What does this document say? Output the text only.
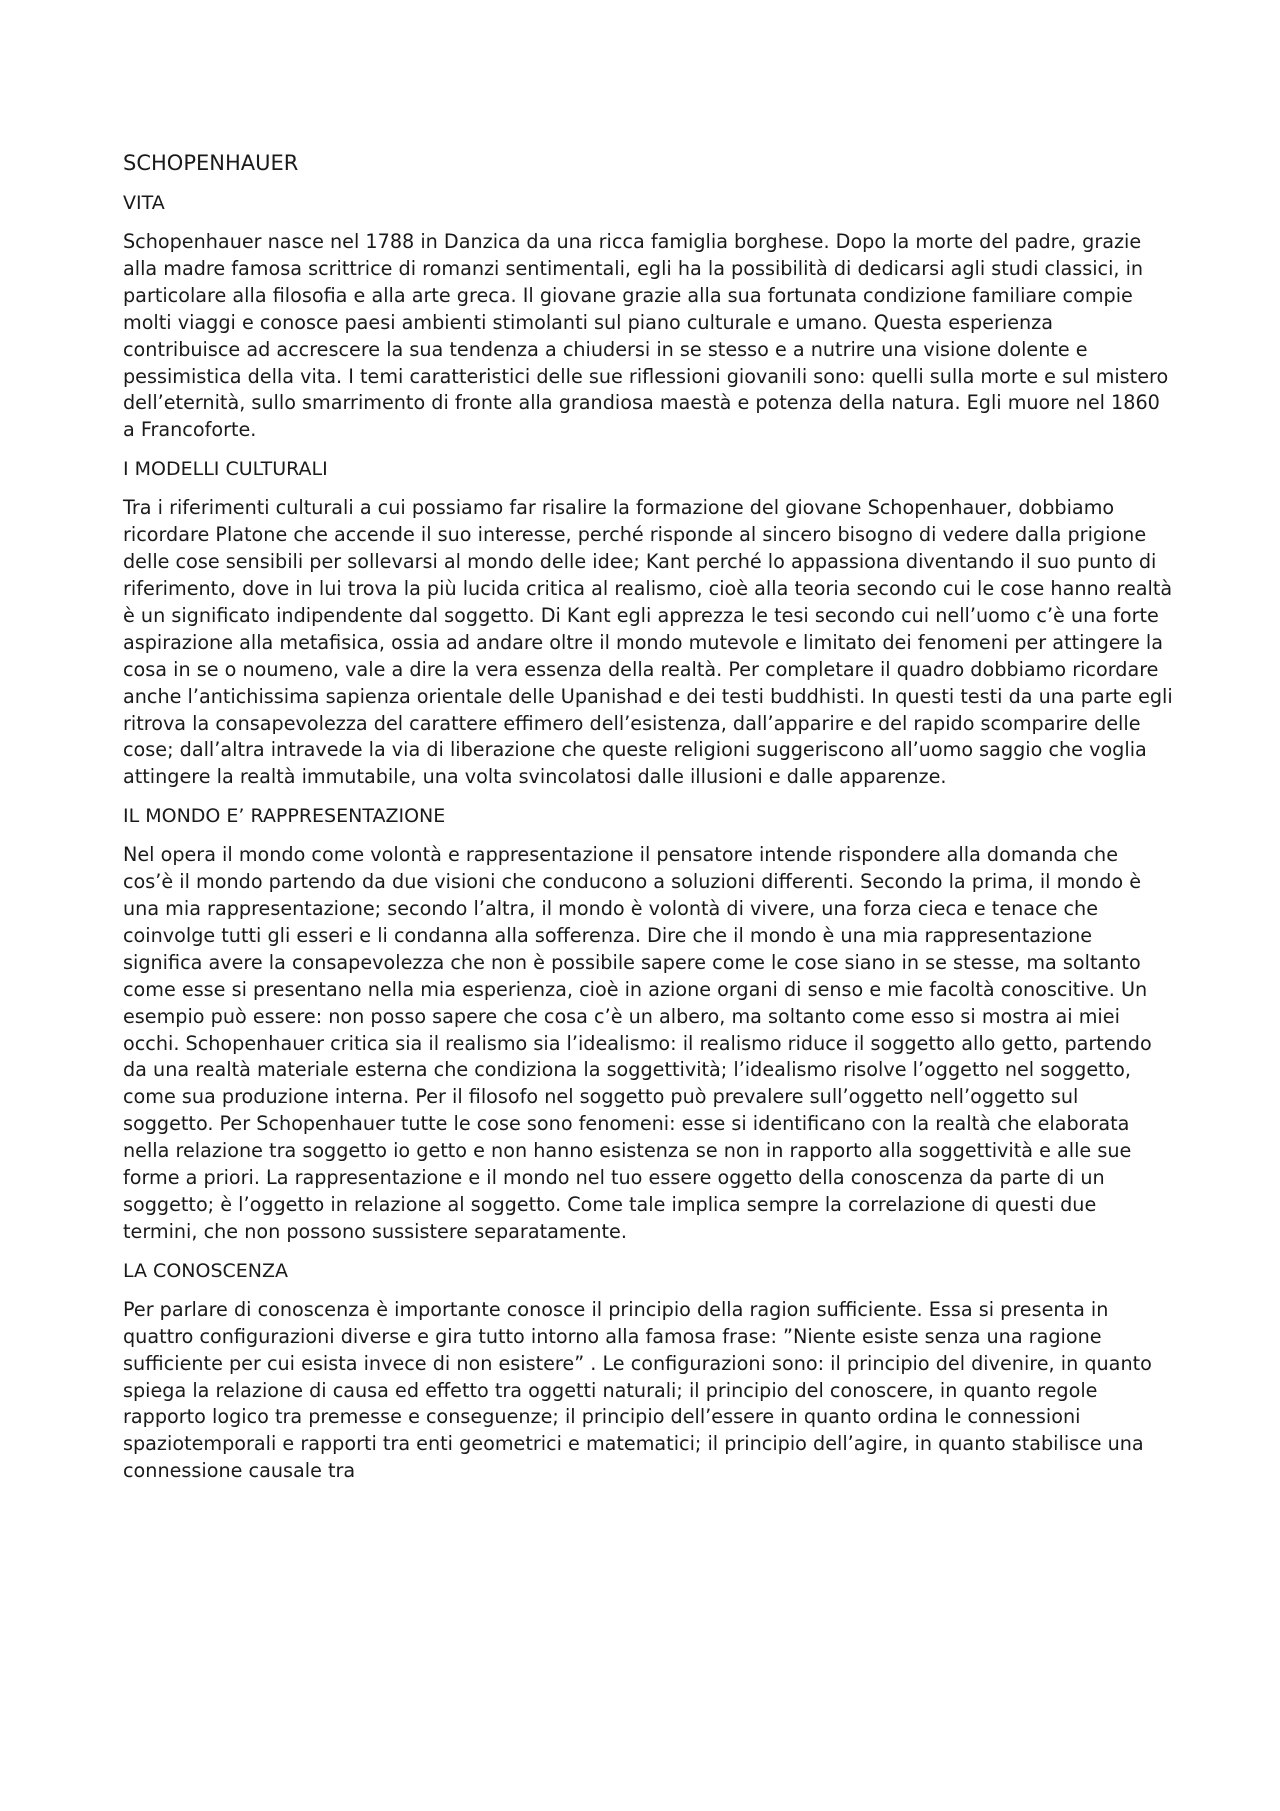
SCHOPENHAUER
VITA

Schopenhauer nasce nel 1788 in Danzica da una ricca famiglia borghese. Dopo la morte del padre, grazie alla madre famosa scrittrice di romanzi sentimentali, egli ha la possibilità di dedicarsi agli studi classici, in particolare alla filosofia e alla arte greca. Il giovane grazie alla sua fortunata condizione familiare compie molti viaggi e conosce paesi ambienti stimolanti sul piano culturale e umano. Questa esperienza contribuisce ad accrescere la sua tendenza a chiudersi in se stesso e a nutrire una visione dolente e pessimistica della vita. I temi caratteristici delle sue riflessioni giovanili sono: quelli sulla morte e sul mistero dell’eternità, sullo smarrimento di fronte alla grandiosa maestà e potenza della natura. Egli muore nel 1860 a Francoforte.

I MODELLI CULTURALI

Tra i riferimenti culturali a cui possiamo far risalire la formazione del giovane Schopenhauer, dobbiamo ricordare Platone che accende il suo interesse, perché risponde al sincero bisogno di vedere dalla prigione delle cose sensibili per sollevarsi al mondo delle idee; Kant perché lo appassiona diventando il suo punto di riferimento, dove in lui trova la più lucida critica al realismo, cioè alla teoria secondo cui le cose hanno realtà è un significato indipendente dal soggetto. Di Kant egli apprezza le tesi secondo cui nell’uomo c’è una forte aspirazione alla metafisica, ossia ad andare oltre il mondo mutevole e limitato dei fenomeni per attingere la cosa in se o noumeno, vale a dire la vera essenza della realtà. Per completare il quadro dobbiamo ricordare anche l’antichissima sapienza orientale delle Upanishad e dei testi buddhisti. In questi testi da una parte egli ritrova la consapevolezza del carattere effimero dell’esistenza, dall’apparire e del rapido scomparire delle cose; dall’altra intravede la via di liberazione che queste religioni suggeriscono all’uomo saggio che voglia attingere la realtà immutabile, una volta svincolatosi dalle illusioni e dalle apparenze.

IL MONDO E’ RAPPRESENTAZIONE

Nel opera il mondo come volontà e rappresentazione il pensatore intende rispondere alla domanda che cos’è il mondo partendo da due visioni che conducono a soluzioni differenti. Secondo la prima, il mondo è una mia rappresentazione; secondo l’altra, il mondo è volontà di vivere, una forza cieca e tenace che coinvolge tutti gli esseri e li condanna alla sofferenza. Dire che il mondo è una mia rappresentazione significa avere la consapevolezza che non è possibile sapere come le cose siano in se stesse, ma soltanto come esse si presentano nella mia esperienza, cioè in azione organi di senso e mie facoltà conoscitive. Un esempio può essere: non posso sapere che cosa c’è un albero, ma soltanto come esso si mostra ai miei occhi. Schopenhauer critica sia il realismo sia l’idealismo: il realismo riduce il soggetto allo getto, partendo da una realtà materiale esterna che condiziona la soggettività; l’idealismo risolve l’oggetto nel soggetto, come sua produzione interna. Per il filosofo nel soggetto può prevalere sull’oggetto nell’oggetto sul soggetto. Per Schopenhauer tutte le cose sono fenomeni: esse si identificano con la realtà che elaborata nella relazione tra soggetto io getto e non hanno esistenza se non in rapporto alla soggettività e alle sue forme a priori. La rappresentazione e il mondo nel tuo essere oggetto della conoscenza da parte di un soggetto; è l’oggetto in relazione al soggetto. Come tale implica sempre la correlazione di questi due termini, che non possono sussistere separatamente.

LA CONOSCENZA

Per parlare di conoscenza è importante conosce il principio della ragion sufficiente. Essa si presenta in quattro configurazioni diverse e gira tutto intorno alla famosa frase: ”Niente esiste senza una ragione sufficiente per cui esista invece di non esistere” . Le configurazioni sono: il principio del divenire, in quanto spiega la relazione di causa ed effetto tra oggetti naturali; il principio del conoscere, in quanto regole rapporto logico tra premesse e conseguenze; il principio dell’essere in quanto ordina le connessioni spaziotemporali e rapporti tra enti geometrici e matematici; il principio dell’agire, in quanto stabilisce una connessione causale tra
